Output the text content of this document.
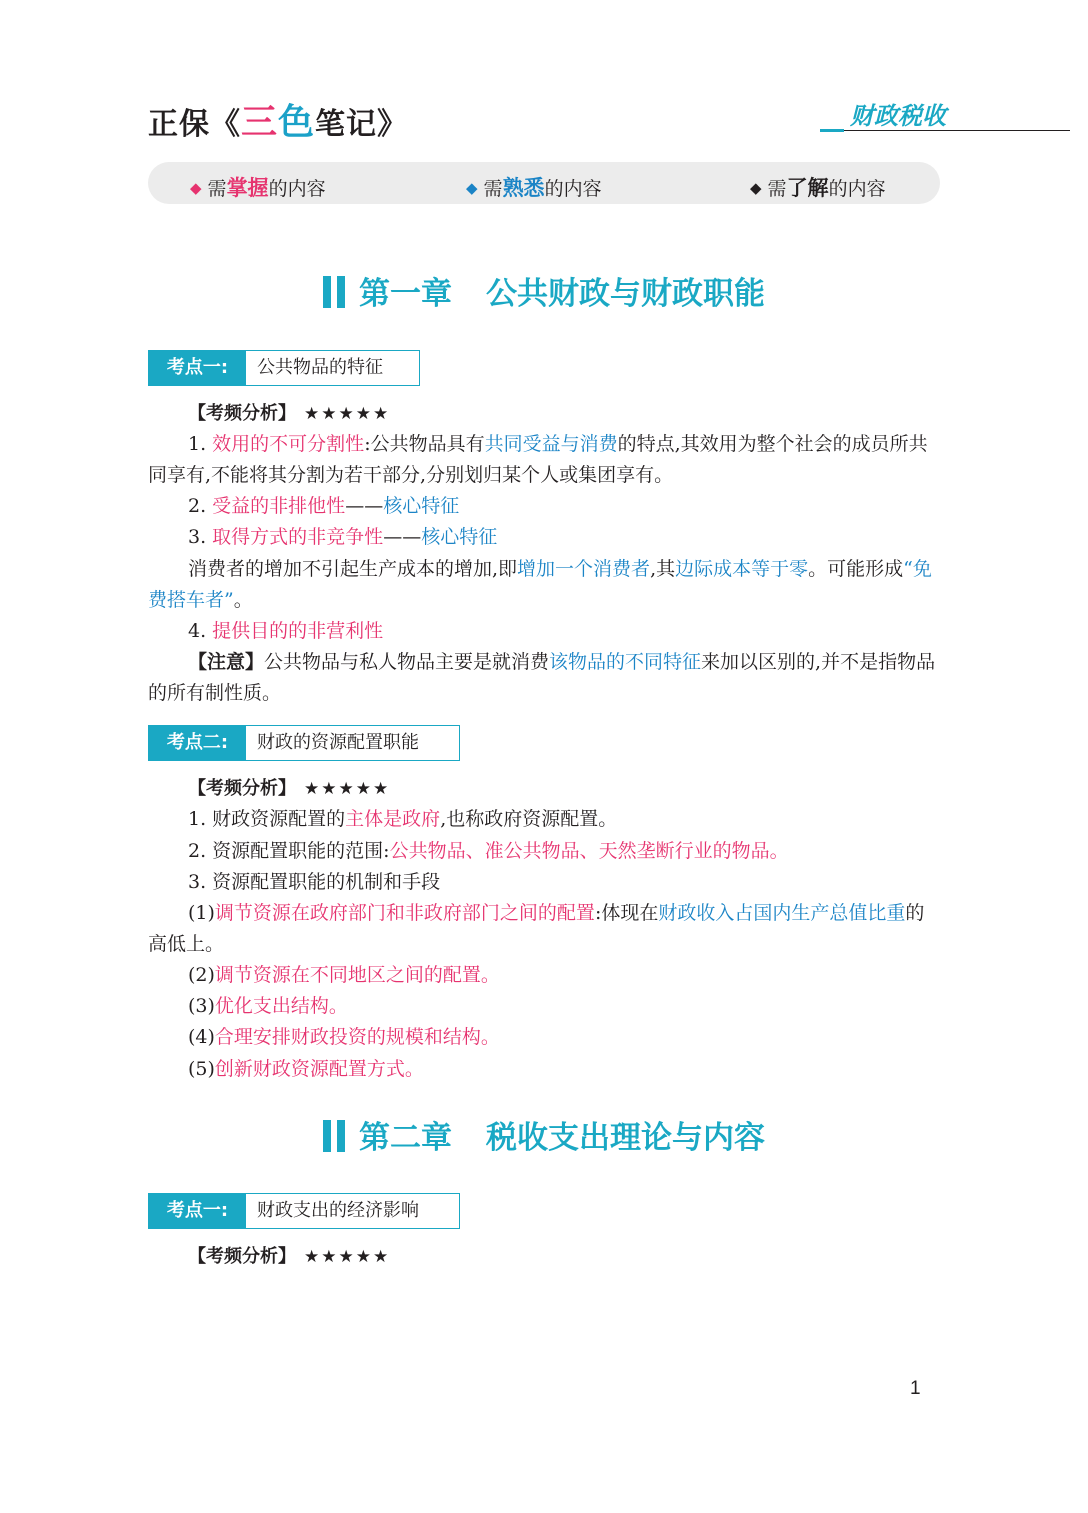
正保《三色笔记》	财政税收
◆ 需掌握的内容	◆ 需熟悉的内容	◆ 需了解的内容
第一章 公共财政与财政职能
考点一:	公共物品的特征
【考频分析】 ★★★★★
1. 效用的不可分割性:公共物品具有共同受益与消费的特点,其效用为整个社会的成员所共同享有,不能将其分割为若干部分,分别划归某个人或集团享有。
2. 受益的非排他性——核心特征
3. 取得方式的非竞争性——核心特征
消费者的增加不引起生产成本的增加,即增加一个消费者,其边际成本等于零。可能形成“免费搭车者”。
4. 提供目的的非营利性
【注意】公共物品与私人物品主要是就消费该物品的不同特征来加以区别的,并不是指物品的所有制性质。
考点二:	财政的资源配置职能
【考频分析】 ★★★★★
1. 财政资源配置的主体是政府,也称政府资源配置。
2. 资源配置职能的范围:公共物品、准公共物品、天然垄断行业的物品。
3. 资源配置职能的机制和手段
(1)调节资源在政府部门和非政府部门之间的配置:体现在财政收入占国内生产总值比重的高低上。
(2)调节资源在不同地区之间的配置。
(3)优化支出结构。
(4)合理安排财政投资的规模和结构。
(5)创新财政资源配置方式。
第二章 税收支出理论与内容
考点一:	财政支出的经济影响
【考频分析】 ★★★★★
1
